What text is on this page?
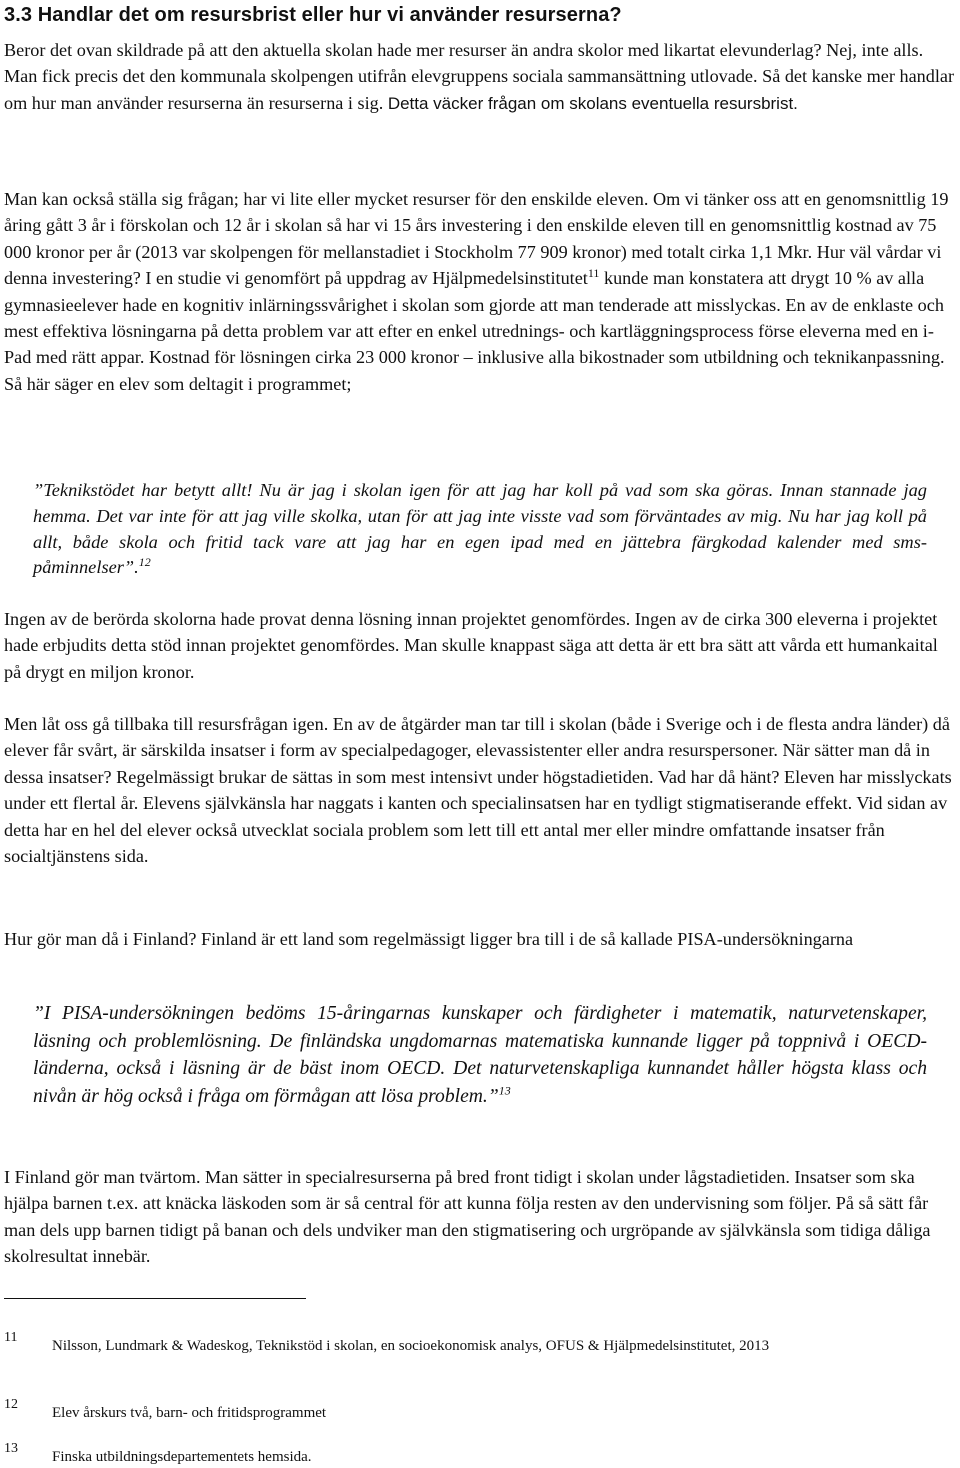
3.3 Handlar det om resursbrist eller hur vi använder resurserna?

Beror det ovan skildrade på att den aktuella skolan hade mer resurser än andra skolor med likartat elevunderlag? Nej, inte alls. Man fick precis det den kommunala skolpengen utifrån elevgruppens sociala sammansättning utlovade. Så det kanske mer handlar om hur man använder resurserna än resurserna i sig. Detta väcker frågan om skolans eventuella resursbrist.

Man kan också ställa sig frågan; har vi lite eller mycket resurser för den enskilde eleven. Om vi tänker oss att en genomsnittlig 19 åring gått 3 år i förskolan och 12 år i skolan så har vi 15 års investering i den enskilde eleven till en genomsnittlig kostnad av 75 000 kronor per år (2013 var skolpengen för mellanstadiet i Stockholm 77 909 kronor) med totalt cirka 1,1 Mkr. Hur väl vårdar vi denna investering? I en studie vi genomfört på uppdrag av Hjälpmedelsinstitutet$^{11}$ kunde man konstatera att drygt 10 % av alla gymnasieelever hade en kognitiv inlärningssvårighet i skolan som gjorde att man tenderade att misslyckas. En av de enklaste och mest effektiva lösningarna på detta problem var att efter en enkel utrednings- och kartläggningsprocess förse eleverna med en i-Pad med rätt appar. Kostnad för lösningen cirka 23 000 kronor – inklusive alla bikostnader som utbildning och teknikanpassning. Så här säger en elev som deltagit i programmet;

”Teknikstödet har betytt allt! Nu är jag i skolan igen för att jag har koll på vad som ska göras. Innan stannade jag hemma. Det var inte för att jag ville skolka, utan för att jag inte visste vad som förväntades av mig. Nu har jag koll på allt, både skola och fritid tack vare att jag har en egen ipad med en jättebra färgkodad kalender med sms-påminnelser”.$^{12}$

Ingen av de berörda skolorna hade provat denna lösning innan projektet genomfördes. Ingen av de cirka 300 eleverna i projektet hade erbjudits detta stöd innan projektet genomfördes. Man skulle knappast säga att detta är ett bra sätt att vårda ett humankaital på drygt en miljon kronor.

Men låt oss gå tillbaka till resursfrågan igen. En av de åtgärder man tar till i skolan (både i Sverige och i de flesta andra länder) då elever får svårt, är särskilda insatser i form av specialpedagoger, elevassistenter eller andra resurspersoner. När sätter man då in dessa insatser? Regelmässigt brukar de sättas in som mest intensivt under högstadietiden. Vad har då hänt? Eleven har misslyckats under ett flertal år. Elevens självkänsla har naggats i kanten och specialinsatsen har en tydligt stigmatiserande effekt. Vid sidan av detta har en hel del elever också utvecklat sociala problem som lett till ett antal mer eller mindre omfattande insatser från socialtjänstens sida.

Hur gör man då i Finland? Finland är ett land som regelmässigt ligger bra till i de så kallade PISA-undersökningarna

”I PISA-undersökningen bedöms 15-åringarnas kunskaper och färdigheter i matematik, naturvetenskaper, läsning och problemlösning. De finländska ungdomarnas matematiska kunnande ligger på toppnivå i OECD-länderna, också i läsning är de bäst inom OECD. Det naturvetenskapliga kunnandet håller högsta klass och nivån är hög också i fråga om förmågan att lösa problem.”$^{13}$

I Finland gör man tvärtom. Man sätter in specialresurserna på bred front tidigt i skolan under lågstadietiden. Insatser som ska hjälpa barnen t.ex. att knäcka läskoden som är så central för att kunna följa resten av den undervisning som följer. På så sätt får man dels upp barnen tidigt på banan och dels undviker man den stigmatisering och urgröpande av självkänsla som tidiga dåliga skolresultat innebär.

11
Nilsson, Lundmark & Wadeskog, Teknikstöd i skolan, en socioekonomisk analys, OFUS & Hjälpmedelsinstitutet, 2013
12
Elev årskurs två, barn- och fritidsprogrammet
13
Finska utbildningsdepartementets hemsida.
